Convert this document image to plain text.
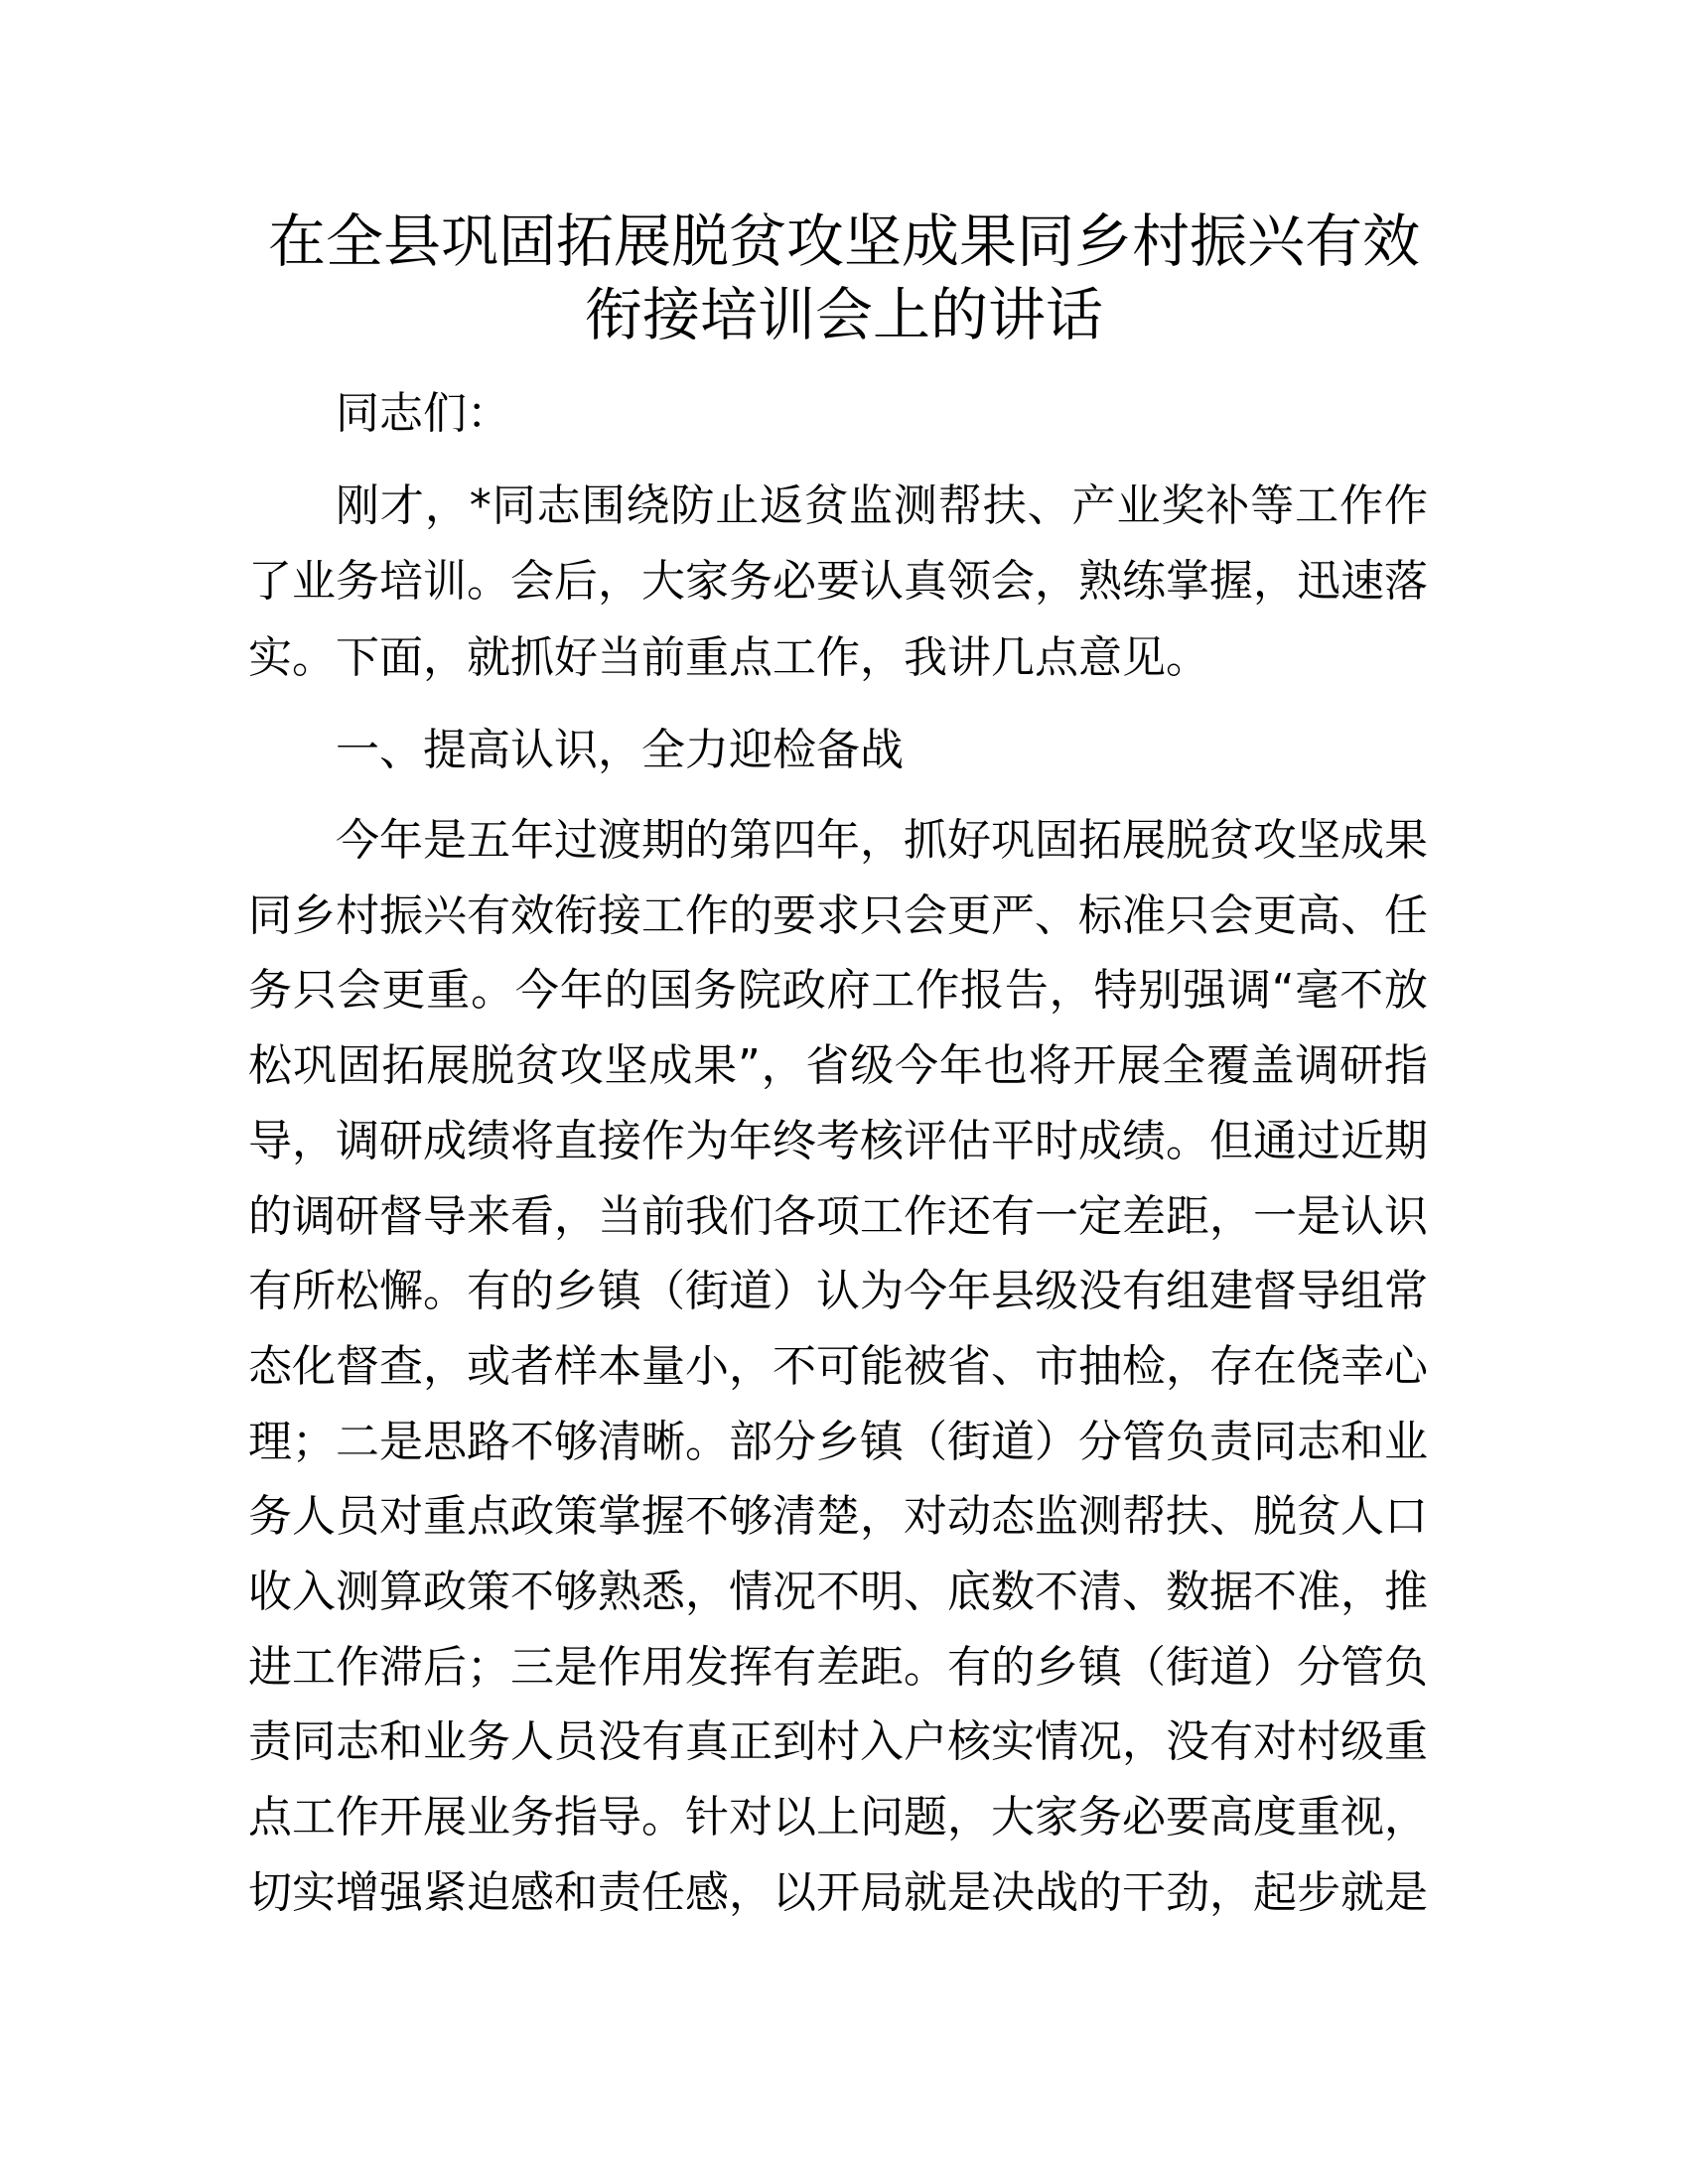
在全县巩固拓展脱贫攻坚成果同乡村振兴有效
衔接培训会上的讲话
同志们：
刚才，*同志围绕防止返贫监测帮扶、产业奖补等工作作
了业务培训。会后，大家务必要认真领会，熟练掌握，迅速落
实。下面，就抓好当前重点工作，我讲几点意见。
一、提高认识，全力迎检备战
今年是五年过渡期的第四年，抓好巩固拓展脱贫攻坚成果
同乡村振兴有效衔接工作的要求只会更严、标准只会更高、任
务只会更重。今年的国务院政府工作报告，特别强调“毫不放
松巩固拓展脱贫攻坚成果”，省级今年也将开展全覆盖调研指
导，调研成绩将直接作为年终考核评估平时成绩。但通过近期
的调研督导来看，当前我们各项工作还有一定差距，一是认识
有所松懈。有的乡镇（街道）认为今年县级没有组建督导组常
态化督查，或者样本量小，不可能被省、市抽检，存在侥幸心
理；二是思路不够清晰。部分乡镇（街道）分管负责同志和业
务人员对重点政策掌握不够清楚，对动态监测帮扶、脱贫人口
收入测算政策不够熟悉，情况不明、底数不清、数据不准，推
进工作滞后；三是作用发挥有差距。有的乡镇（街道）分管负
责同志和业务人员没有真正到村入户核实情况，没有对村级重
点工作开展业务指导。针对以上问题，大家务必要高度重视，
切实增强紧迫感和责任感，以开局就是决战的干劲，起步就是
